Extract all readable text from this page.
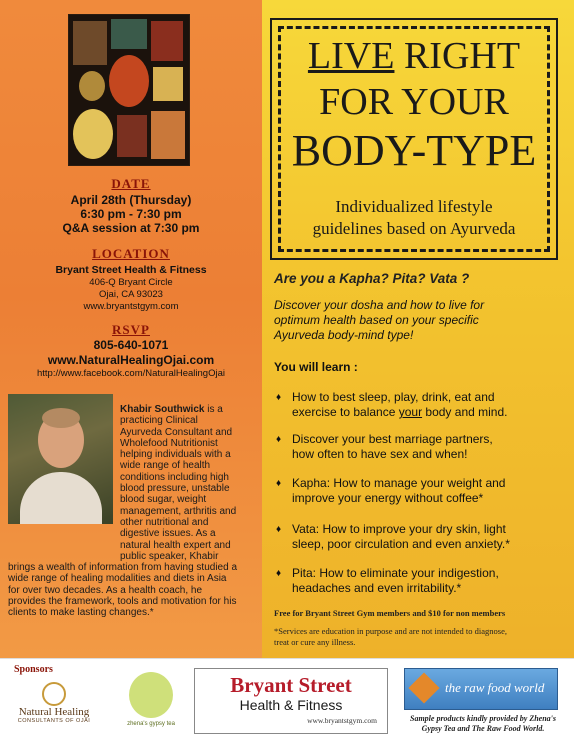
DATE
April 28th (Thursday)
6:30 pm - 7:30 pm
Q&A session at 7:30 pm
LOCATION
Bryant Street Health & Fitness
406-Q Bryant Circle
Ojai, CA 93023
www.bryantstgym.com
RSVP
805-640-1071
www.NaturalHealingOjai.com
http://www.facebook.com/NaturalHealingOjai
Khabir Southwick is a practicing Clinical Ayurveda Consultant and Wholefood Nutritionist helping individuals with a wide range of health conditions including high blood pressure, unstable blood sugar, weight management, arthritis and other nutritional and digestive issues. As a natural health expert and public speaker, Khabir brings a wealth of information from having studied a wide range of healing modalities and diets in Asia for over two decades. As a health coach, he provides the framework, tools and motivation for his clients to make lasting changes.*
LIVE RIGHT
FOR YOUR
BODY-TYPE
Individualized lifestyle
guidelines based on Ayurveda
Are you a Kapha? Pita? Vata ?
Discover your dosha and how to live for
optimum health based on your specific
Ayurveda body-mind type!
You will learn :
♦ How to best sleep, play, drink, eat and
exercise to balance your body and mind.
♦ Discover your best marriage partners,
how often to have sex and when!
♦ Kapha: How to manage your weight and
improve your energy without coffee*
♦ Vata: How to improve your dry skin, light
sleep, poor circulation and even anxiety.*
♦ Pita: How to eliminate your indigestion,
headaches and even irritability.*
Free for Bryant Street Gym members and $10 for non members
*Services are education in purpose and are not intended to diagnose,
treat or cure any illness.
Sponsors
Natural Healing
CONSULTANTS OF OJAI	zhena's gypsy tea
Bryant Street
Health & Fitness
www.bryantstgym.com
the raw food world
Sample products kindly provided by Zhena's
Gypsy Tea and The Raw Food World.
